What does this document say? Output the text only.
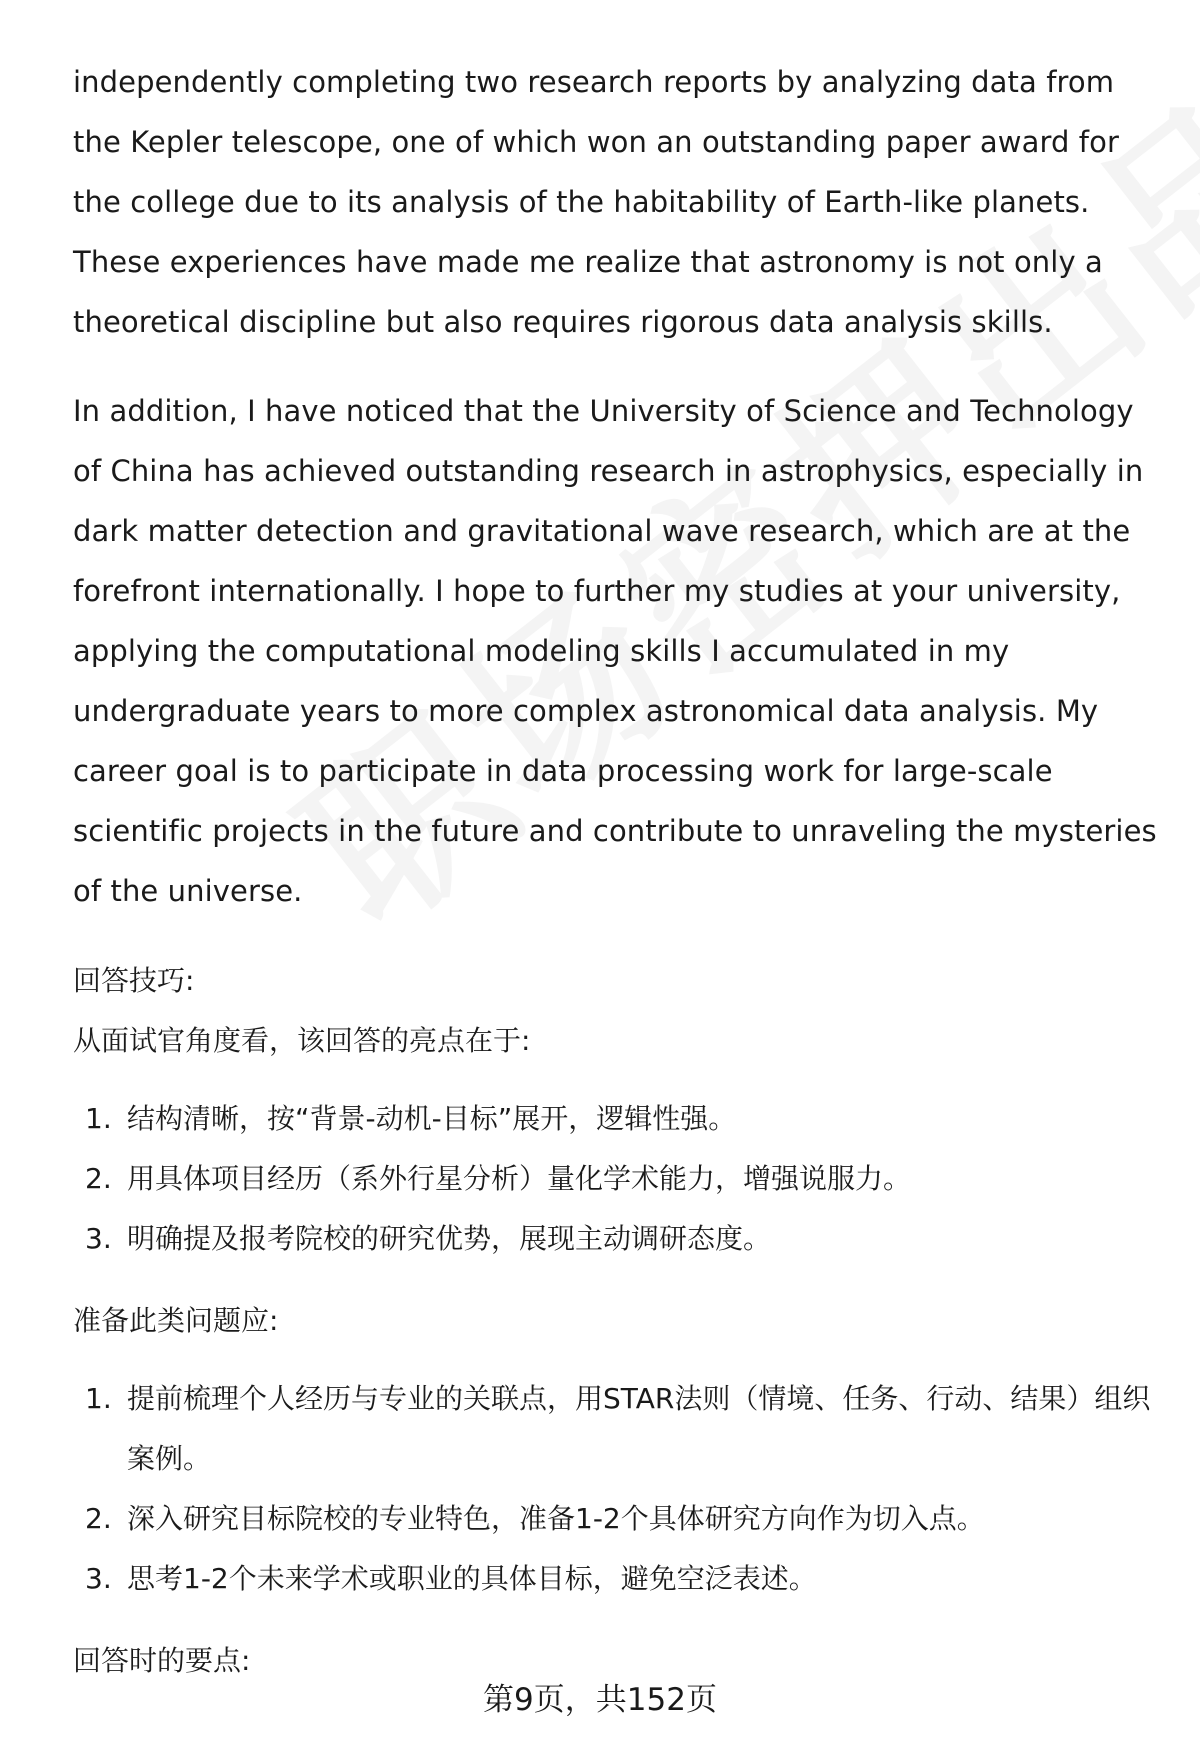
independently completing two research reports by analyzing data from the Kepler telescope, one of which won an outstanding paper award for the college due to its analysis of the habitability of Earth-like planets. These experiences have made me realize that astronomy is not only a theoretical discipline but also requires rigorous data analysis skills.

In addition, I have noticed that the University of Science and Technology of China has achieved outstanding research in astrophysics, especially in dark matter detection and gravitational wave research, which are at the forefront internationally. I hope to further my studies at your university, applying the computational modeling skills I accumulated in my undergraduate years to more complex astronomical data analysis. My career goal is to participate in data processing work for large-scale scientific projects in the future and contribute to unraveling the mysteries of the universe.

回答技巧:

从面试官角度看，该回答的亮点在于:

1. 结构清晰，按“背景-动机-目标”展开，逻辑性强。
2. 用具体项目经历（系外行星分析）量化学术能力，增强说服力。
3. 明确提及报考院校的研究优势，展现主动调研态度。

准备此类问题应:

1. 提前梳理个人经历与专业的关联点，用STAR法则（情境、任务、行动、结果）组织案例。
2. 深入研究目标院校的专业特色，准备1-2个具体研究方向作为切入点。
3. 思考1-2个未来学术或职业的具体目标，避免空泛表述。

回答时的要点:

第9页，共152页
